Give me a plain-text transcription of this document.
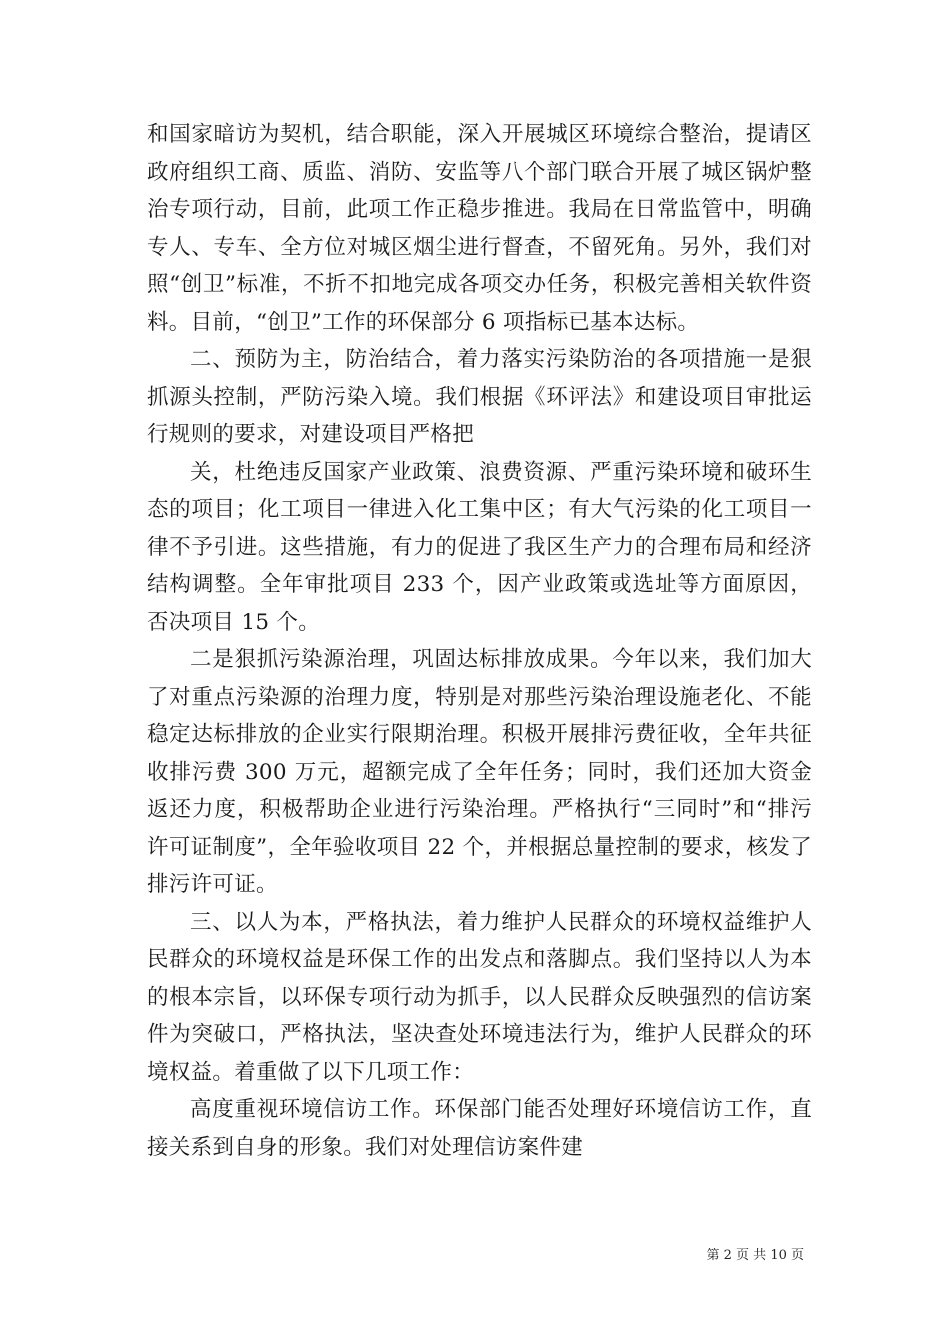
和国家暗访为契机，结合职能，深入开展城区环境综合整治，提请区政府组织工商、质监、消防、安监等八个部门联合开展了城区锅炉整治专项行动，目前，此项工作正稳步推进。我局在日常监管中，明确专人、专车、全方位对城区烟尘进行督查，不留死角。另外，我们对照“创卫”标准，不折不扣地完成各项交办任务，积极完善相关软件资料。目前，“创卫”工作的环保部分 6 项指标已基本达标。

二、预防为主，防治结合，着力落实污染防治的各项措施一是狠抓源头控制，严防污染入境。我们根据《环评法》和建设项目审批运行规则的要求，对建设项目严格把

关，杜绝违反国家产业政策、浪费资源、严重污染环境和破环生态的项目；化工项目一律进入化工集中区；有大气污染的化工项目一律不予引进。这些措施，有力的促进了我区生产力的合理布局和经济结构调整。全年审批项目 233 个，因产业政策或选址等方面原因，否决项目 15 个。

二是狠抓污染源治理，巩固达标排放成果。今年以来，我们加大了对重点污染源的治理力度，特别是对那些污染治理设施老化、不能稳定达标排放的企业实行限期治理。积极开展排污费征收，全年共征收排污费 300 万元，超额完成了全年任务；同时，我们还加大资金返还力度，积极帮助企业进行污染治理。严格执行“三同时”和“排污许可证制度”，全年验收项目 22 个，并根据总量控制的要求，核发了排污许可证。

三、以人为本，严格执法，着力维护人民群众的环境权益维护人民群众的环境权益是环保工作的出发点和落脚点。我们坚持以人为本的根本宗旨，以环保专项行动为抓手，以人民群众反映强烈的信访案件为突破口，严格执法，坚决查处环境违法行为，维护人民群众的环境权益。着重做了以下几项工作：

高度重视环境信访工作。环保部门能否处理好环境信访工作，直接关系到自身的形象。我们对处理信访案件建

第 2 页 共 10 页
